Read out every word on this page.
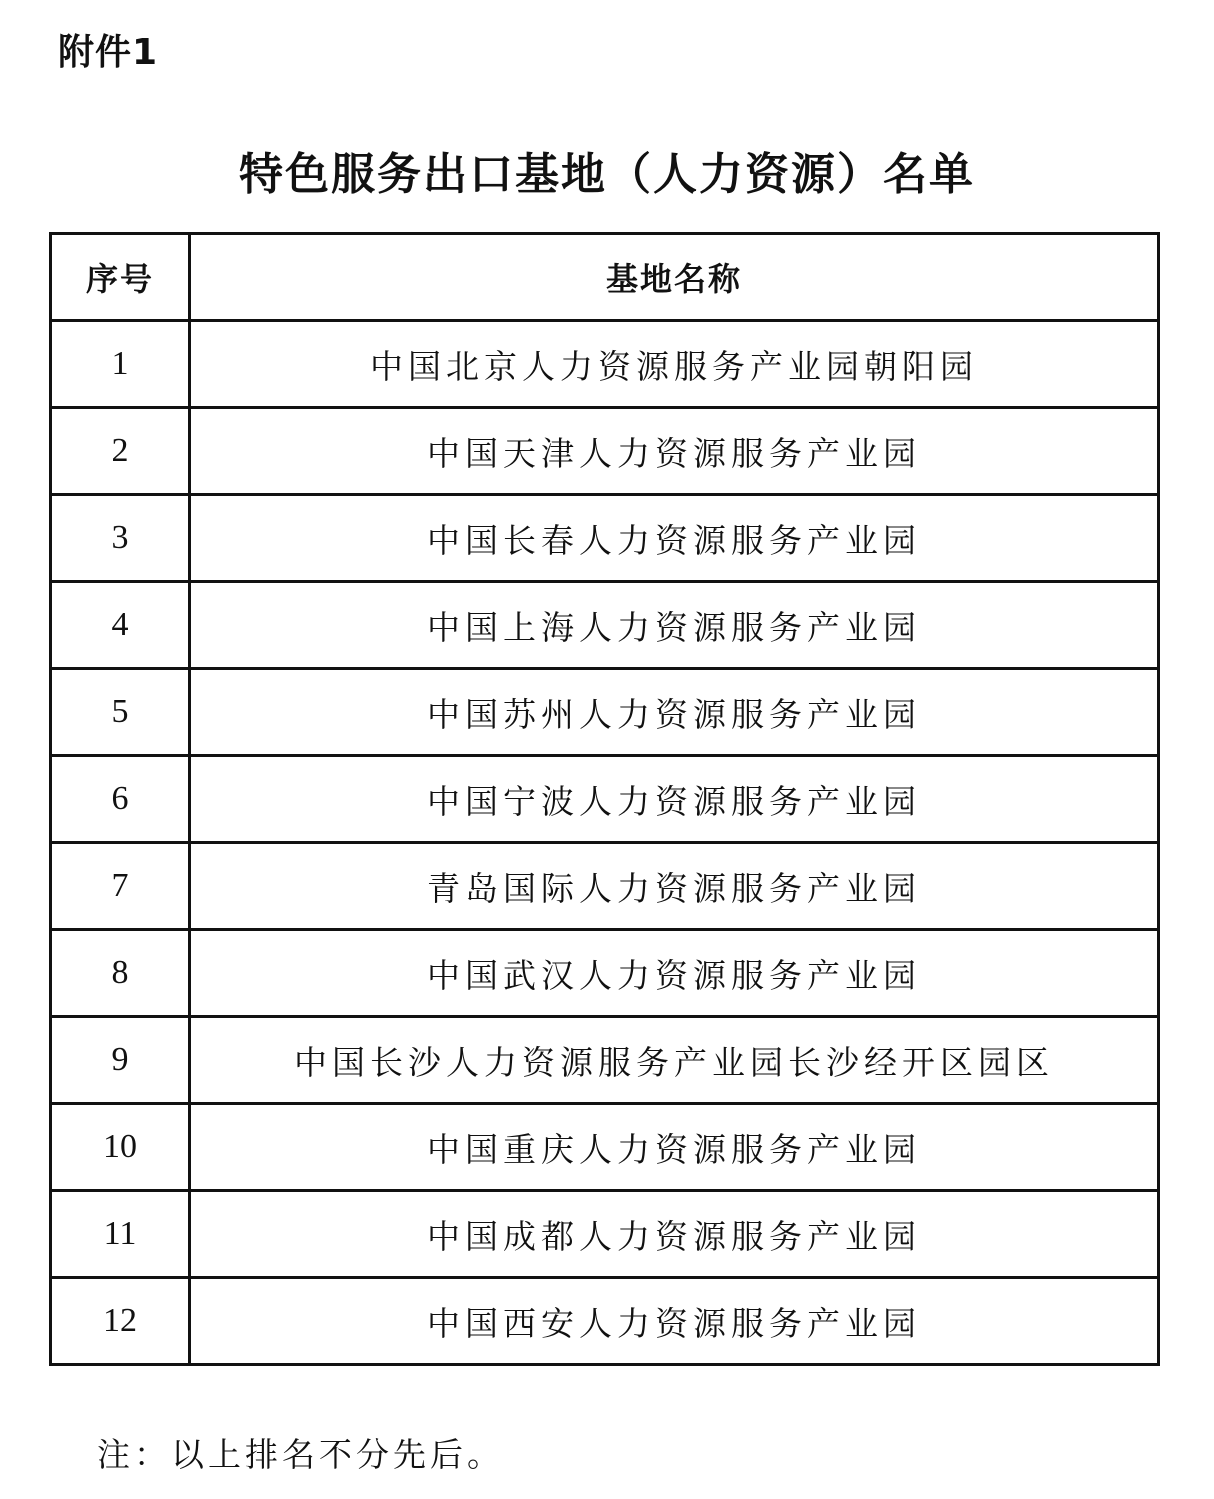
附件1
特色服务出口基地（人力资源）名单
序号	基地名称
1	中国北京人力资源服务产业园朝阳园
2	中国天津人力资源服务产业园
3	中国长春人力资源服务产业园
4	中国上海人力资源服务产业园
5	中国苏州人力资源服务产业园
6	中国宁波人力资源服务产业园
7	青岛国际人力资源服务产业园
8	中国武汉人力资源服务产业园
9	中国长沙人力资源服务产业园长沙经开区园区
10	中国重庆人力资源服务产业园
11	中国成都人力资源服务产业园
12	中国西安人力资源服务产业园
注：以上排名不分先后。
